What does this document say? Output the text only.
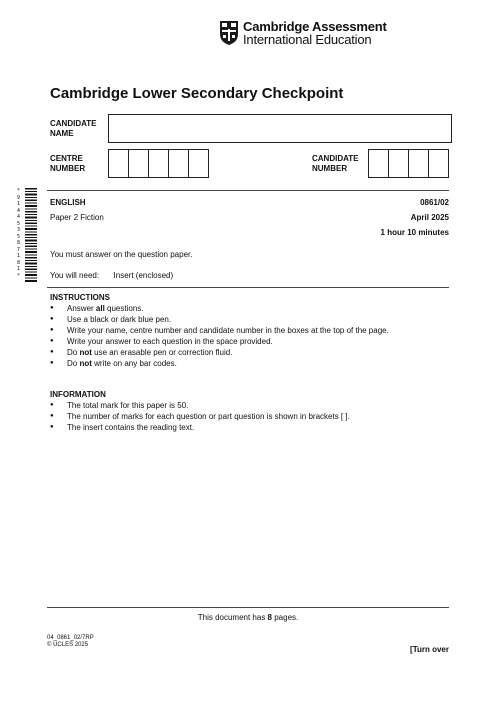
Cambridge Assessment
International Education
Cambridge Lower Secondary Checkpoint
CANDIDATE NAME
CENTRE NUMBER
CANDIDATE NUMBER
* 9 1 4 4 5 3 5 8 7 1 8 1 *
ENGLISH	0861/02
Paper 2 Fiction	April 2025
1 hour 10 minutes
You must answer on the question paper.
You will need: Insert (enclosed)
INSTRUCTIONS
● Answer all questions.
● Use a black or dark blue pen.
● Write your name, centre number and candidate number in the boxes at the top of the page.
● Write your answer to each question in the space provided.
● Do not use an erasable pen or correction fluid.
● Do not write on any bar codes.
INFORMATION
● The total mark for this paper is 50.
● The number of marks for each question or part question is shown in brackets [ ].
● The insert contains the reading text.
This document has 8 pages.
04_0861_02/7RP
© UCLES 2025	[Turn over
